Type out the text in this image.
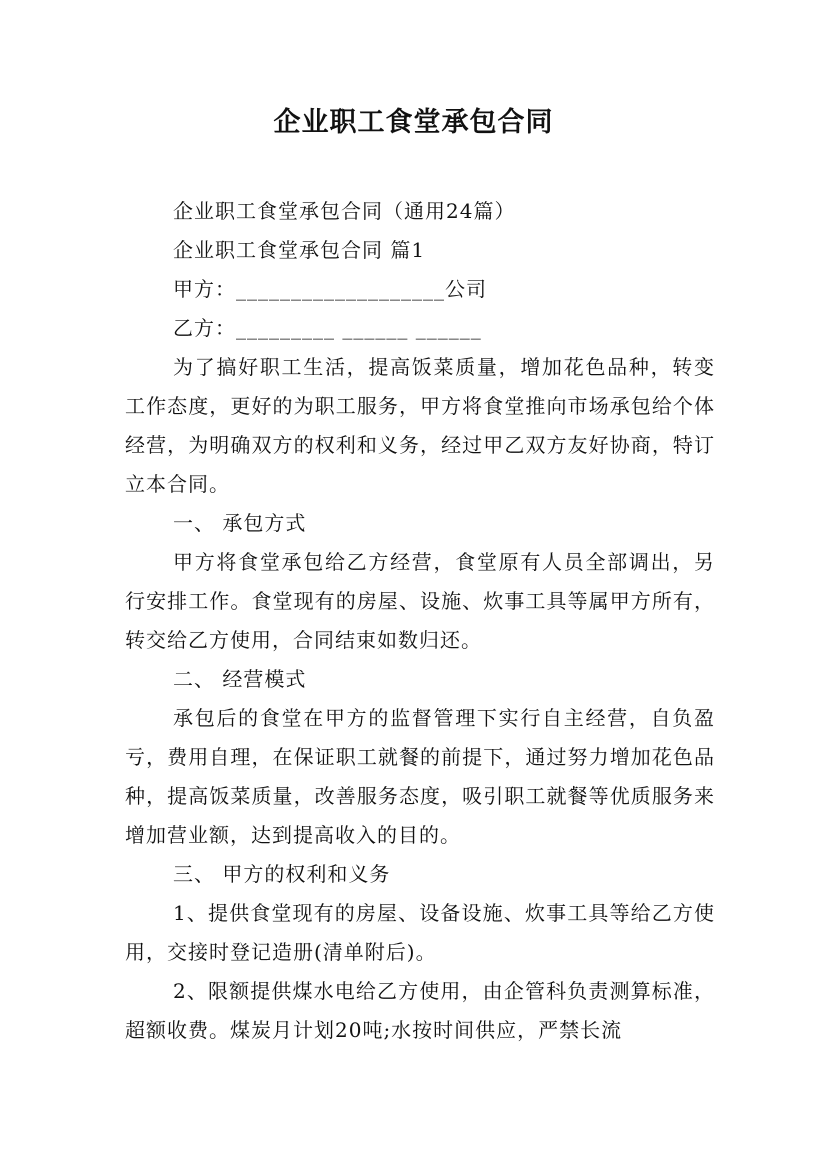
企业职工食堂承包合同

企业职工食堂承包合同（通用24篇）

企业职工食堂承包合同 篇1

甲方：___________________公司

乙方：_________ ______ ______

为了搞好职工生活，提高饭菜质量，增加花色品种，转变工作态度，更好的为职工服务，甲方将食堂推向市场承包给个体经营，为明确双方的权利和义务，经过甲乙双方友好协商，特订立本合同。

一、 承包方式

甲方将食堂承包给乙方经营，食堂原有人员全部调出，另行安排工作。食堂现有的房屋、设施、炊事工具等属甲方所有，转交给乙方使用，合同结束如数归还。

二、 经营模式

承包后的食堂在甲方的监督管理下实行自主经营，自负盈亏，费用自理，在保证职工就餐的前提下，通过努力增加花色品种，提高饭菜质量，改善服务态度，吸引职工就餐等优质服务来增加营业额，达到提高收入的目的。

三、 甲方的权利和义务

1、提供食堂现有的房屋、设备设施、炊事工具等给乙方使用，交接时登记造册(清单附后)。

2、限额提供煤水电给乙方使用，由企管科负责测算标准，超额收费。煤炭月计划20吨;水按时间供应，严禁长流
